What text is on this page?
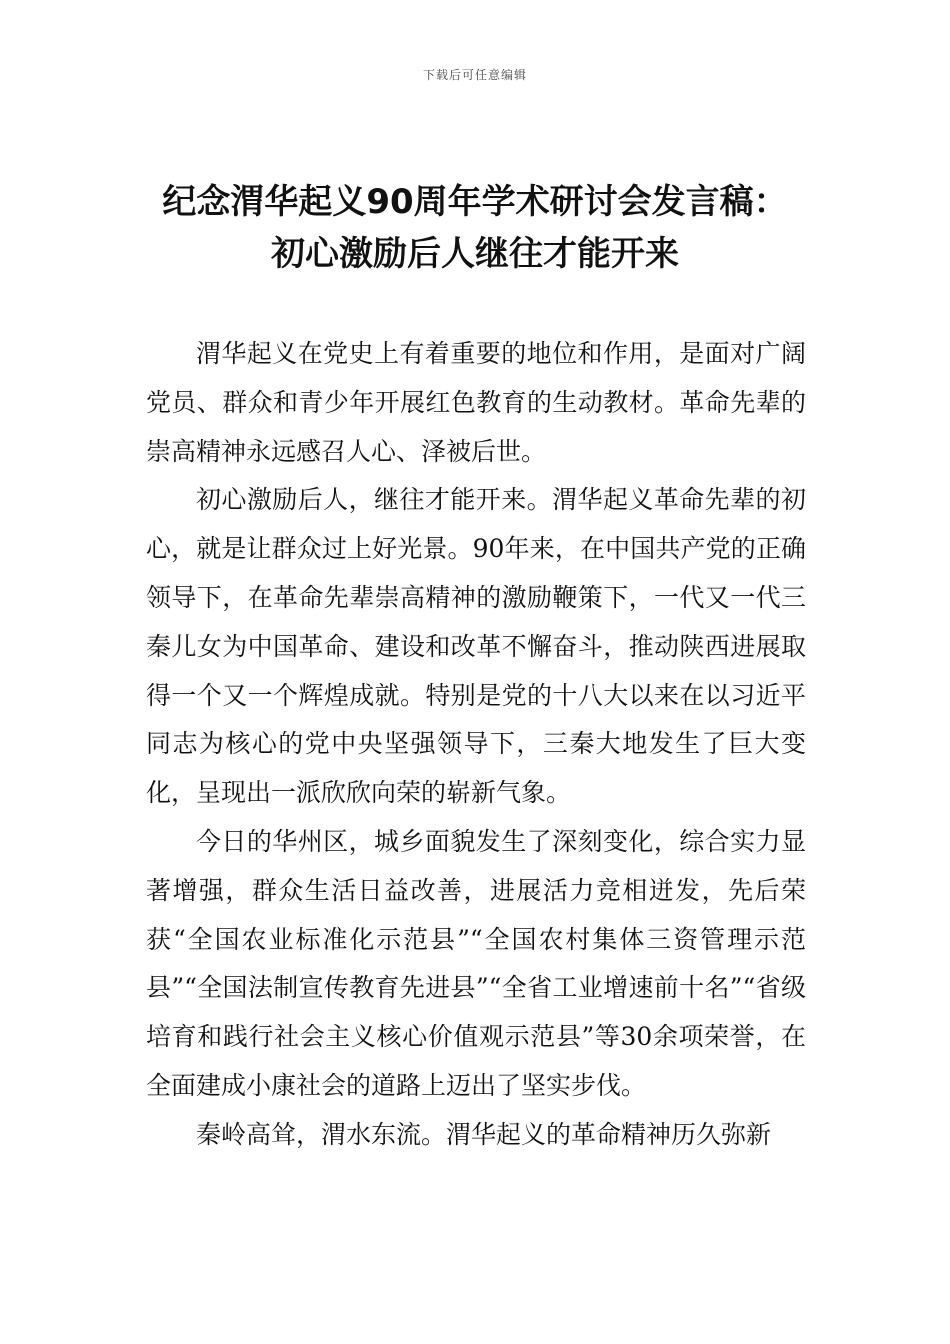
下载后可任意编辑
纪念渭华起义90周年学术研讨会发言稿：
初心激励后人继往才能开来

渭华起义在党史上有着重要的地位和作用，是面对广阔党员、群众和青少年开展红色教育的生动教材。革命先辈的崇高精神永远感召人心、泽被后世。

初心激励后人，继往才能开来。渭华起义革命先辈的初心，就是让群众过上好光景。90年来，在中国共产党的正确领导下，在革命先辈崇高精神的激励鞭策下，一代又一代三秦儿女为中国革命、建设和改革不懈奋斗，推动陕西进展取得一个又一个辉煌成就。特别是党的十八大以来在以习近平同志为核心的党中央坚强领导下，三秦大地发生了巨大变化，呈现出一派欣欣向荣的崭新气象。

今日的华州区，城乡面貌发生了深刻变化，综合实力显著增强，群众生活日益改善，进展活力竞相迸发，先后荣获“全国农业标准化示范县”“全国农村集体三资管理示范县”“全国法制宣传教育先进县”“全省工业增速前十名”“省级培育和践行社会主义核心价值观示范县”等30余项荣誉，在全面建成小康社会的道路上迈出了坚实步伐。

秦岭高耸，渭水东流。渭华起义的革命精神历久弥新
